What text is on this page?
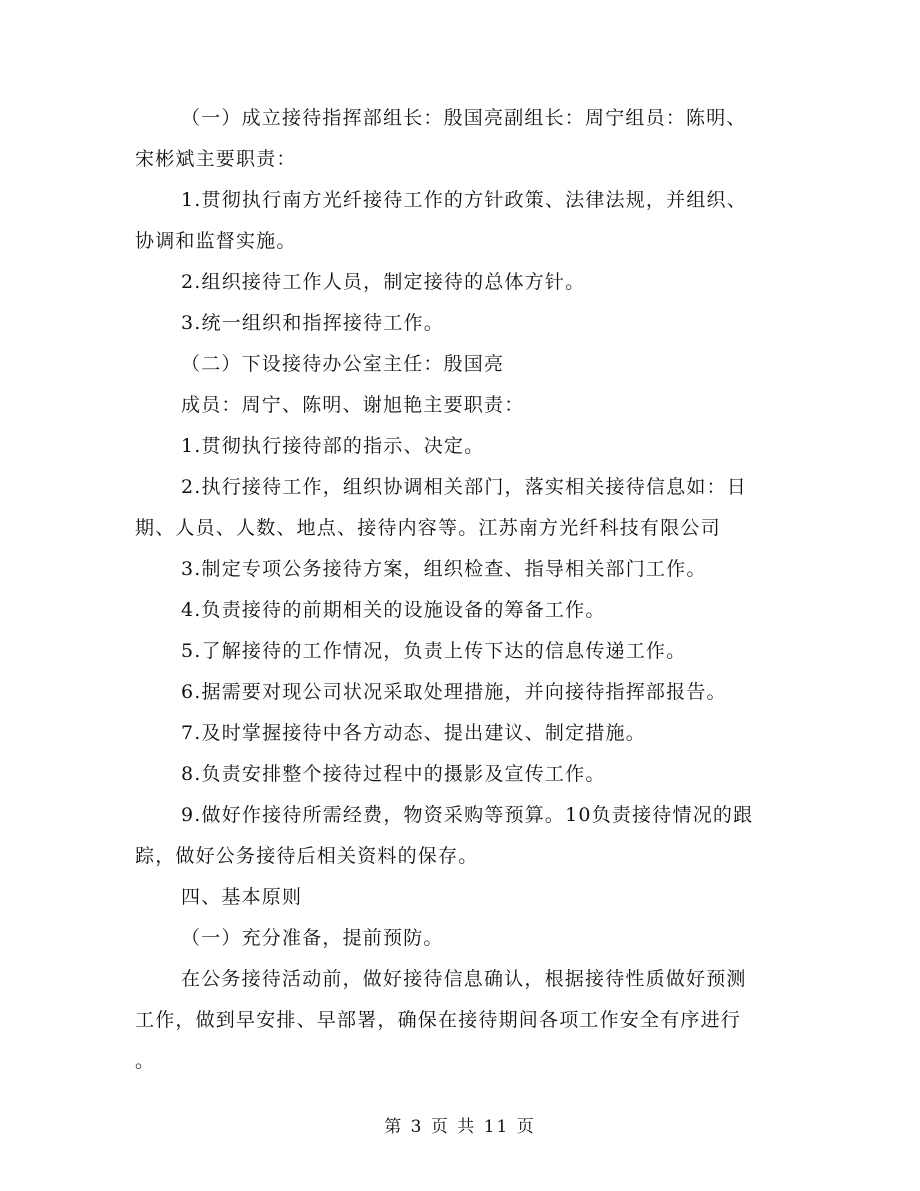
（一）成立接待指挥部组长：殷国亮副组长：周宁组员：陈明、
宋彬斌主要职责：
1.贯彻执行南方光纤接待工作的方针政策、法律法规，并组织、
协调和监督实施。
2.组织接待工作人员，制定接待的总体方针。
3.统一组织和指挥接待工作。
（二）下设接待办公室主任：殷国亮
成员：周宁、陈明、谢旭艳主要职责：
1.贯彻执行接待部的指示、决定。
2.执行接待工作，组织协调相关部门，落实相关接待信息如：日
期、人员、人数、地点、接待内容等。江苏南方光纤科技有限公司
3.制定专项公务接待方案，组织检查、指导相关部门工作。
4.负责接待的前期相关的设施设备的筹备工作。
5.了解接待的工作情况，负责上传下达的信息传递工作。
6.据需要对现公司状况采取处理措施，并向接待指挥部报告。
7.及时掌握接待中各方动态、提出建议、制定措施。
8.负责安排整个接待过程中的摄影及宣传工作。
9.做好作接待所需经费，物资采购等预算。10负责接待情况的跟
踪，做好公务接待后相关资料的保存。
四、基本原则
（一）充分准备，提前预防。
在公务接待活动前，做好接待信息确认，根据接待性质做好预测
工作，做到早安排、早部署，确保在接待期间各项工作安全有序进行
。
第 3 页 共 11 页
